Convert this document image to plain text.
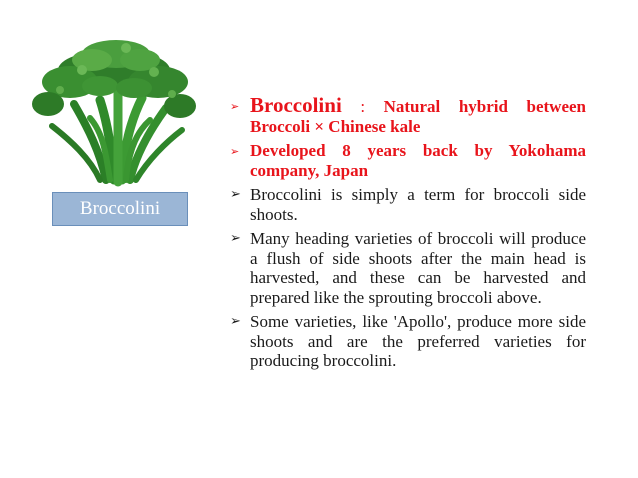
Broccolini
➢ Broccolini : Natural hybrid between Broccoli × Chinese kale
➢ Developed 8 years back by Yokohama company, Japan
➢ Broccolini is simply a term for broccoli side shoots.
➢ Many heading varieties of broccoli will produce a flush of side shoots after the main head is harvested, and these can be harvested and prepared like the sprouting broccoli above.
➢ Some varieties, like 'Apollo', produce more side shoots and are the preferred varieties for producing broccolini.
